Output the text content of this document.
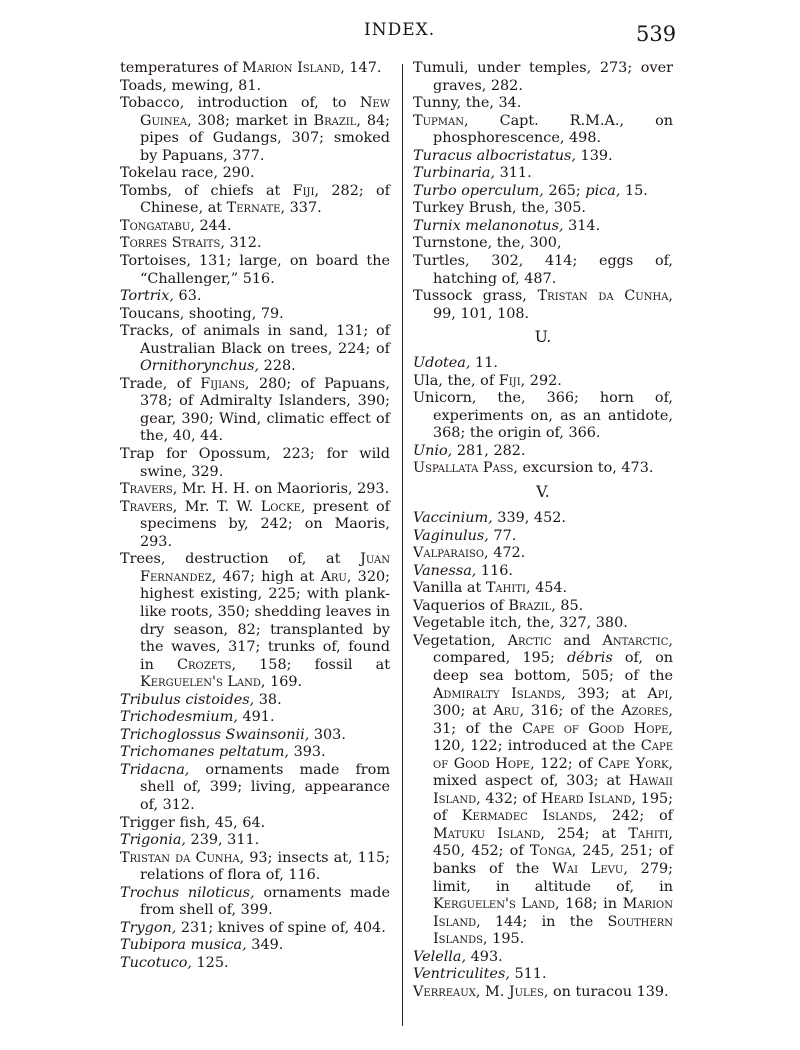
INDEX.	539
temperatures of Marion Island, 147.
Toads, mewing, 81.
Tobacco, introduction of, to New Guinea, 308; market in Brazil, 84; pipes of Gudangs, 307; smoked by Papuans, 377.
Tokelau race, 290.
Tombs, of chiefs at Fiji, 282; of Chinese, at Ternate, 337.
Tongatabu, 244.
Torres Straits, 312.
Tortoises, 131; large, on board the “Challenger,” 516.
Tortrix, 63.
Toucans, shooting, 79.
Tracks, of animals in sand, 131; of Australian Black on trees, 224; of Ornithorynchus, 228.
Trade, of Fijians, 280; of Papuans, 378; of Admiralty Islanders, 390; gear, 390; Wind, climatic effect of the, 40, 44.
Trap for Opossum, 223; for wild swine, 329.
Travers, Mr. H. H. on Maorioris, 293.
Travers, Mr. T. W. Locke, present of specimens by, 242; on Maoris, 293.
Trees, destruction of, at Juan Fernandez, 467; high at Aru, 320; highest existing, 225; with plank-like roots, 350; shedding leaves in dry season, 82; transplanted by the waves, 317; trunks of, found in Crozets, 158; fossil at Kerguelen's Land, 169.
Tribulus cistoides, 38.
Trichodesmium, 491.
Trichoglossus Swainsonii, 303.
Trichomanes peltatum, 393.
Tridacna, ornaments made from shell of, 399; living, appearance of, 312.
Trigger fish, 45, 64.
Trigonia, 239, 311.
Tristan da Cunha, 93; insects at, 115; relations of flora of, 116.
Trochus niloticus, ornaments made from shell of, 399.
Trygon, 231; knives of spine of, 404.
Tubipora musica, 349.
Tucotuco, 125.
Tumuli, under temples, 273; over graves, 282.
Tunny, the, 34.
Tupman, Capt. R.M.A., on phosphorescence, 498.
Turacus albocristatus, 139.
Turbinaria, 311.
Turbo operculum, 265; pica, 15.
Turkey Brush, the, 305.
Turnix melanonotus, 314.
Turnstone, the, 300,
Turtles, 302, 414; eggs of, hatching of, 487.
Tussock grass, Tristan da Cunha, 99, 101, 108.
U.
Udotea, 11.
Ula, the, of Fiji, 292.
Unicorn, the, 366; horn of, experiments on, as an antidote, 368; the origin of, 366.
Unio, 281, 282.
Uspallata Pass, excursion to, 473.
V.
Vaccinium, 339, 452.
Vaginulus, 77.
Valparaiso, 472.
Vanessa, 116.
Vanilla at Tahiti, 454.
Vaquerios of Brazil, 85.
Vegetable itch, the, 327, 380.
Vegetation, Arctic and Antarctic, compared, 195; débris of, on deep sea bottom, 505; of the Admiralty Islands, 393; at Api, 300; at Aru, 316; of the Azores, 31; of the Cape of Good Hope, 120, 122; introduced at the Cape of Good Hope, 122; of Cape York, mixed aspect of, 303; at Hawaii Island, 432; of Heard Island, 195; of Kermadec Islands, 242; of Matuku Island, 254; at Tahiti, 450, 452; of Tonga, 245, 251; of banks of the Wai Levu, 279; limit, in altitude of, in Kerguelen's Land, 168; in Marion Island, 144; in the Southern Islands, 195.
Velella, 493.
Ventriculites, 511.
Verreaux, M. Jules, on turacou 139.
